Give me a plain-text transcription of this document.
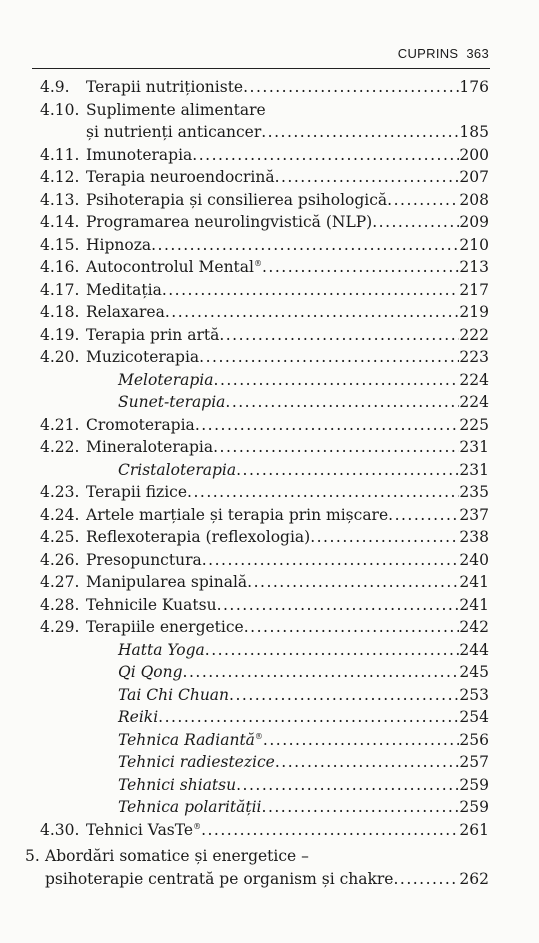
CUPRINS 363
4.9.	Terapii nutriționiste .....	176
4.10. Suplimente alimentare
și nutrienți anticancer .....	185
4.11. Imunoterapia .....	200
4.12. Terapia neuroendocrină .....	207
4.13. Psihoterapia și consilierea psihologică .....	208
4.14. Programarea neurolingvistică (NLP) .....	209
4.15. Hipnoza .....	210
4.16. Autocontrolul Mental® .....	213
4.17. Meditația .....	217
4.18. Relaxarea .....	219
4.19. Terapia prin artă .....	222
4.20. Muzicoterapia .....	223
Meloterapia .....	224
Sunet-terapia .....	224
4.21. Cromoterapia .....	225
4.22. Mineraloterapia .....	231
Cristaloterapia .....	231
4.23. Terapii fizice .....	235
4.24. Artele marțiale și terapia prin mișcare .....	237
4.25. Reflexoterapia (reflexologia) .....	238
4.26. Presopunctura .....	240
4.27. Manipularea spinală .....	241
4.28. Tehnicile Kuatsu .....	241
4.29. Terapiile energetice .....	242
Hatta Yoga .....	244
Qi Qong .....	245
Tai Chi Chuan .....	253
Reiki .....	254
Tehnica Radiantă® .....	256
Tehnici radiestezice .....	257
Tehnici shiatsu .....	259
Tehnica polarității .....	259
4.30. Tehnici VasTe® .....	261
5. Abordări somatice și energetice –
psihoterapie centrată pe organism și chakre .....	262
